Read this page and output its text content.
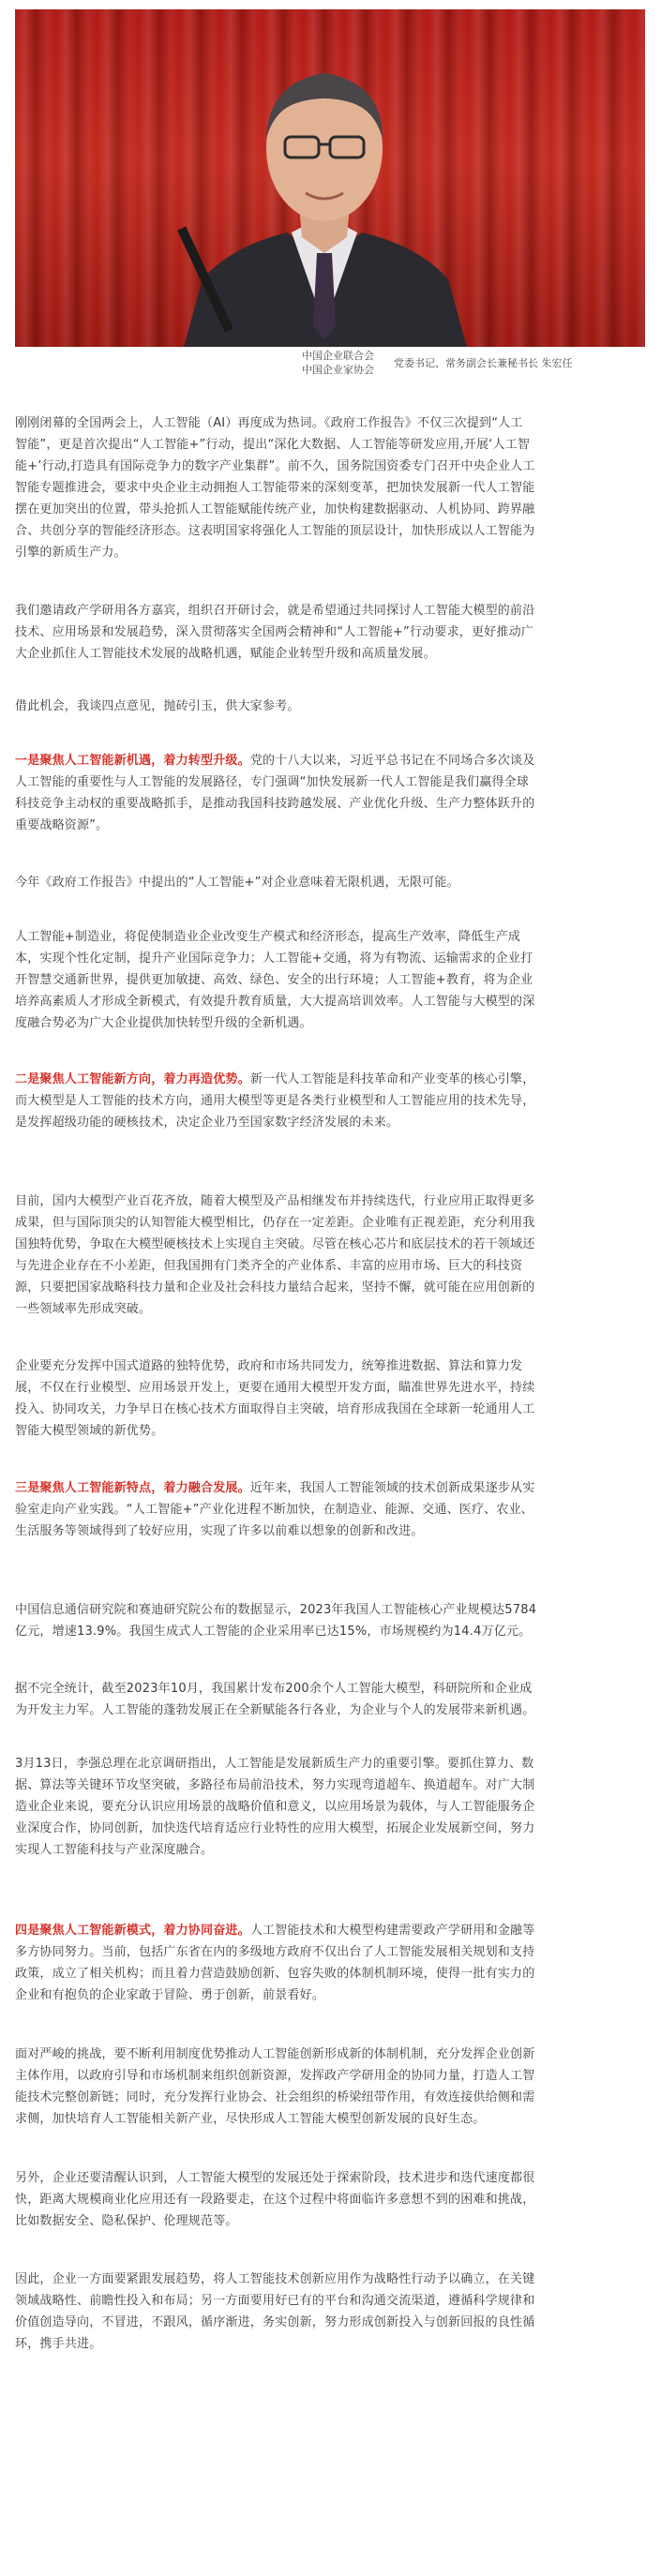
中国企业联合会
中国企业家协会
党委书记、常务副会长兼秘书长 朱宏任
刚刚闭幕的全国两会上，人工智能（AI）再度成为热词。《政府工作报告》不仅三次提到“人工
智能”，更是首次提出“人工智能+”行动，提出“深化大数据、人工智能等研发应用,开展‘人工智
能+’行动,打造具有国际竞争力的数字产业集群”。前不久，国务院国资委专门召开中央企业人工
智能专题推进会，要求中央企业主动拥抱人工智能带来的深刻变革，把加快发展新一代人工智能
摆在更加突出的位置，带头抢抓人工智能赋能传统产业，加快构建数据驱动、人机协同、跨界融
合、共创分享的智能经济形态。这表明国家将强化人工智能的顶层设计，加快形成以人工智能为
引擎的新质生产力。
我们邀请政产学研用各方嘉宾，组织召开研讨会，就是希望通过共同探讨人工智能大模型的前沿
技术、应用场景和发展趋势，深入贯彻落实全国两会精神和“人工智能+”行动要求，更好推动广
大企业抓住人工智能技术发展的战略机遇，赋能企业转型升级和高质量发展。
借此机会，我谈四点意见，抛砖引玉，供大家参考。
一是聚焦人工智能新机遇，着力转型升级。党的十八大以来，习近平总书记在不同场合多次谈及
人工智能的重要性与人工智能的发展路径，专门强调“加快发展新一代人工智能是我们赢得全球
科技竞争主动权的重要战略抓手，是推动我国科技跨越发展、产业优化升级、生产力整体跃升的
重要战略资源”。
今年《政府工作报告》中提出的“人工智能+”对企业意味着无限机遇，无限可能。
人工智能+制造业，将促使制造业企业改变生产模式和经济形态，提高生产效率，降低生产成
本，实现个性化定制，提升产业国际竞争力；人工智能+交通，将为有物流、运输需求的企业打
开智慧交通新世界，提供更加敏捷、高效、绿色、安全的出行环境；人工智能+教育，将为企业
培养高素质人才形成全新模式，有效提升教育质量，大大提高培训效率。人工智能与大模型的深
度融合势必为广大企业提供加快转型升级的全新机遇。
二是聚焦人工智能新方向，着力再造优势。新一代人工智能是科技革命和产业变革的核心引擎，
而大模型是人工智能的技术方向，通用大模型等更是各类行业模型和人工智能应用的技术先导，
是发挥超级功能的硬核技术，决定企业乃至国家数字经济发展的未来。
目前，国内大模型产业百花齐放，随着大模型及产品相继发布并持续迭代，行业应用正取得更多
成果，但与国际顶尖的认知智能大模型相比，仍存在一定差距。企业唯有正视差距，充分利用我
国独特优势，争取在大模型硬核技术上实现自主突破。尽管在核心芯片和底层技术的若干领域还
与先进企业存在不小差距，但我国拥有门类齐全的产业体系、丰富的应用市场、巨大的科技资
源，只要把国家战略科技力量和企业及社会科技力量结合起来，坚持不懈，就可能在应用创新的
一些领域率先形成突破。
企业要充分发挥中国式道路的独特优势，政府和市场共同发力，统筹推进数据、算法和算力发
展，不仅在行业模型、应用场景开发上，更要在通用大模型开发方面，瞄准世界先进水平，持续
投入、协同攻关，力争早日在核心技术方面取得自主突破，培育形成我国在全球新一轮通用人工
智能大模型领域的新优势。
三是聚焦人工智能新特点，着力融合发展。近年来，我国人工智能领域的技术创新成果逐步从实
验室走向产业实践。“人工智能+”产业化进程不断加快，在制造业、能源、交通、医疗、农业、
生活服务等领域得到了较好应用，实现了许多以前难以想象的创新和改进。
中国信息通信研究院和赛迪研究院公布的数据显示，2023年我国人工智能核心产业规模达5784
亿元，增速13.9%。我国生成式人工智能的企业采用率已达15%，市场规模约为14.4万亿元。
据不完全统计，截至2023年10月，我国累计发布200余个人工智能大模型，科研院所和企业成
为开发主力军。人工智能的蓬勃发展正在全新赋能各行各业，为企业与个人的发展带来新机遇。
3月13日，李强总理在北京调研指出，人工智能是发展新质生产力的重要引擎。要抓住算力、数
据、算法等关键环节攻坚突破，多路径布局前沿技术，努力实现弯道超车、换道超车。对广大制
造业企业来说，要充分认识应用场景的战略价值和意义，以应用场景为载体，与人工智能服务企
业深度合作，协同创新，加快迭代培育适应行业特性的应用大模型，拓展企业发展新空间，努力
实现人工智能科技与产业深度融合。
四是聚焦人工智能新模式，着力协同奋进。人工智能技术和大模型构建需要政产学研用和金融等
多方协同努力。当前，包括广东省在内的多级地方政府不仅出台了人工智能发展相关规划和支持
政策，成立了相关机构；而且着力营造鼓励创新、包容失败的体制机制环境，使得一批有实力的
企业和有抱负的企业家敢于冒险、勇于创新，前景看好。
面对严峻的挑战，要不断利用制度优势推动人工智能创新形成新的体制机制，充分发挥企业创新
主体作用，以政府引导和市场机制来组织创新资源，发挥政产学研用金的协同力量，打造人工智
能技术完整创新链；同时，充分发挥行业协会、社会组织的桥梁纽带作用，有效连接供给侧和需
求侧，加快培育人工智能相关新产业，尽快形成人工智能大模型创新发展的良好生态。
另外，企业还要清醒认识到，人工智能大模型的发展还处于探索阶段，技术进步和迭代速度都很
快，距离大规模商业化应用还有一段路要走，在这个过程中将面临许多意想不到的困难和挑战，
比如数据安全、隐私保护、伦理规范等。
因此，企业一方面要紧跟发展趋势，将人工智能技术创新应用作为战略性行动予以确立，在关键
领域战略性、前瞻性投入和布局；另一方面要用好已有的平台和沟通交流渠道，遵循科学规律和
价值创造导向，不冒进，不跟风，循序渐进，务实创新，努力形成创新投入与创新回报的良性循
环，携手共进。
